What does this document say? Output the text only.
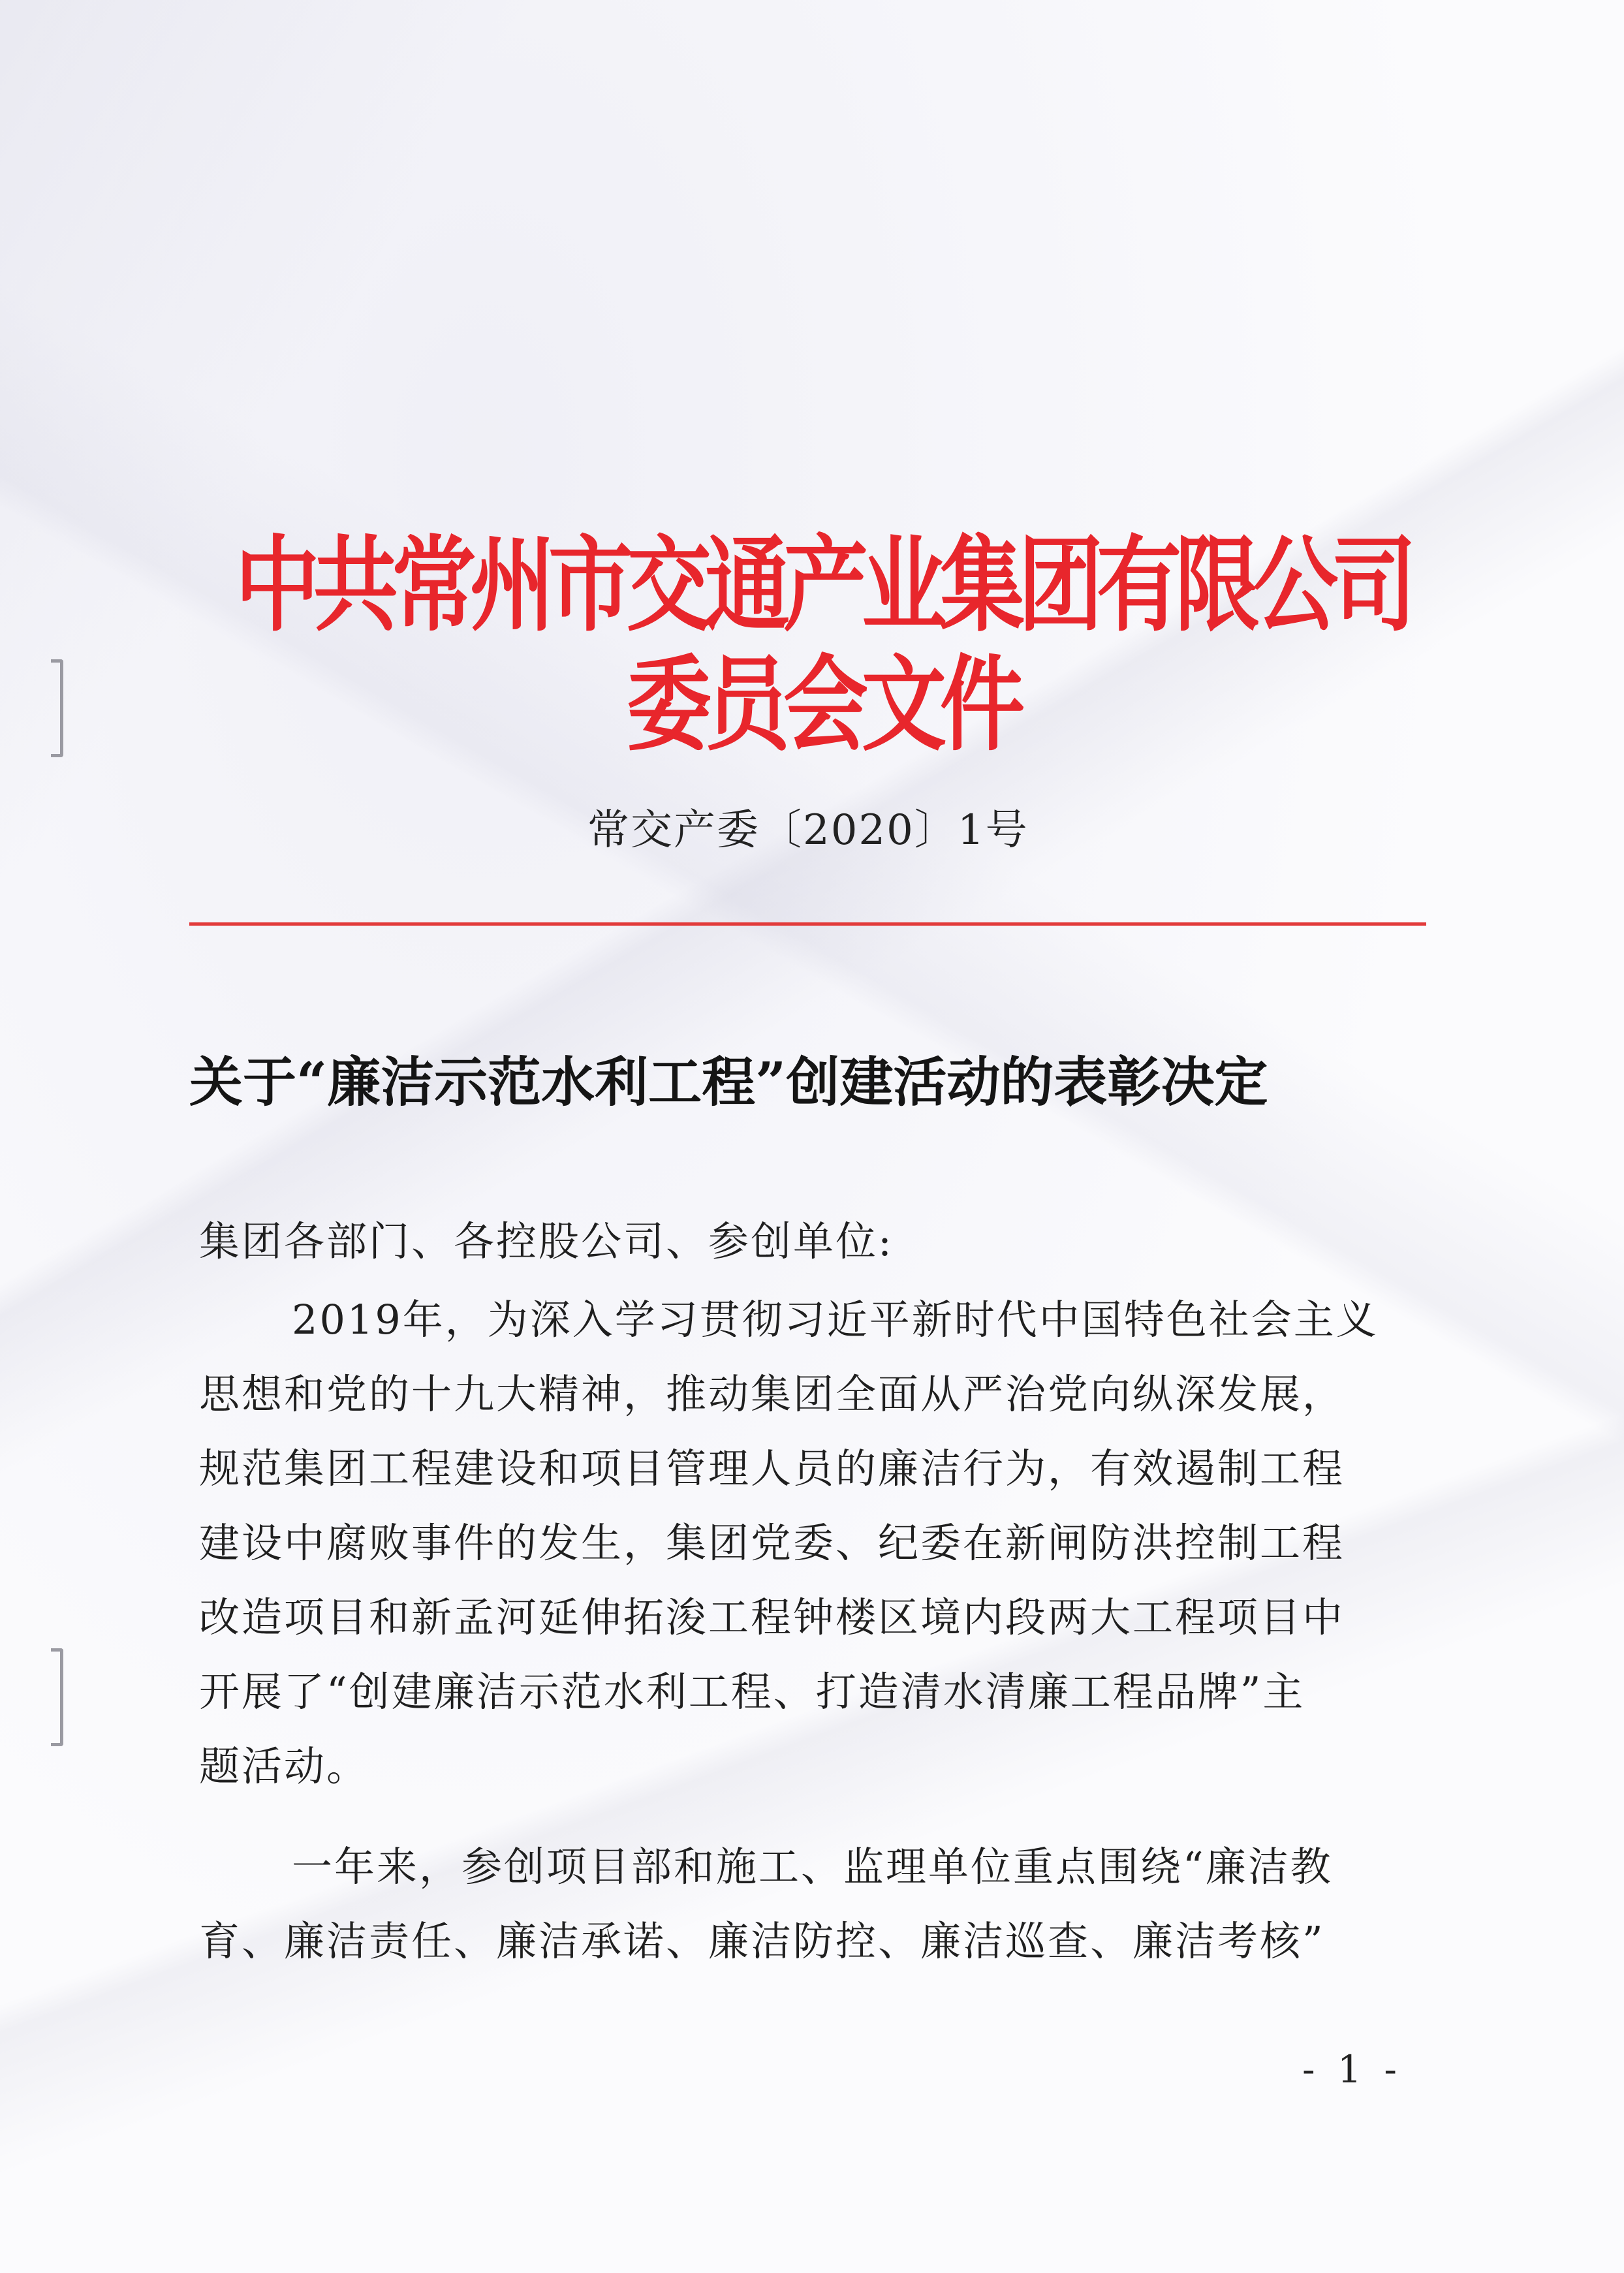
中共常州市交通产业集团有限公司委员会文件
常交产委〔2020〕1号
关于“廉洁示范水利工程”创建活动的表彰决定
集团各部门、各控股公司、参创单位:
2019年，为深入学习贯彻习近平新时代中国特色社会主义
思想和党的十九大精神，推动集团全面从严治党向纵深发展，
规范集团工程建设和项目管理人员的廉洁行为，有效遏制工程
建设中腐败事件的发生，集团党委、纪委在新闸防洪控制工程
改造项目和新孟河延伸拓浚工程钟楼区境内段两大工程项目中
开展了“创建廉洁示范水利工程、打造清水清廉工程品牌”主
题活动。
一年来，参创项目部和施工、监理单位重点围绕“廉洁教
育、廉洁责任、廉洁承诺、廉洁防控、廉洁巡查、廉洁考核”
- 1 -
